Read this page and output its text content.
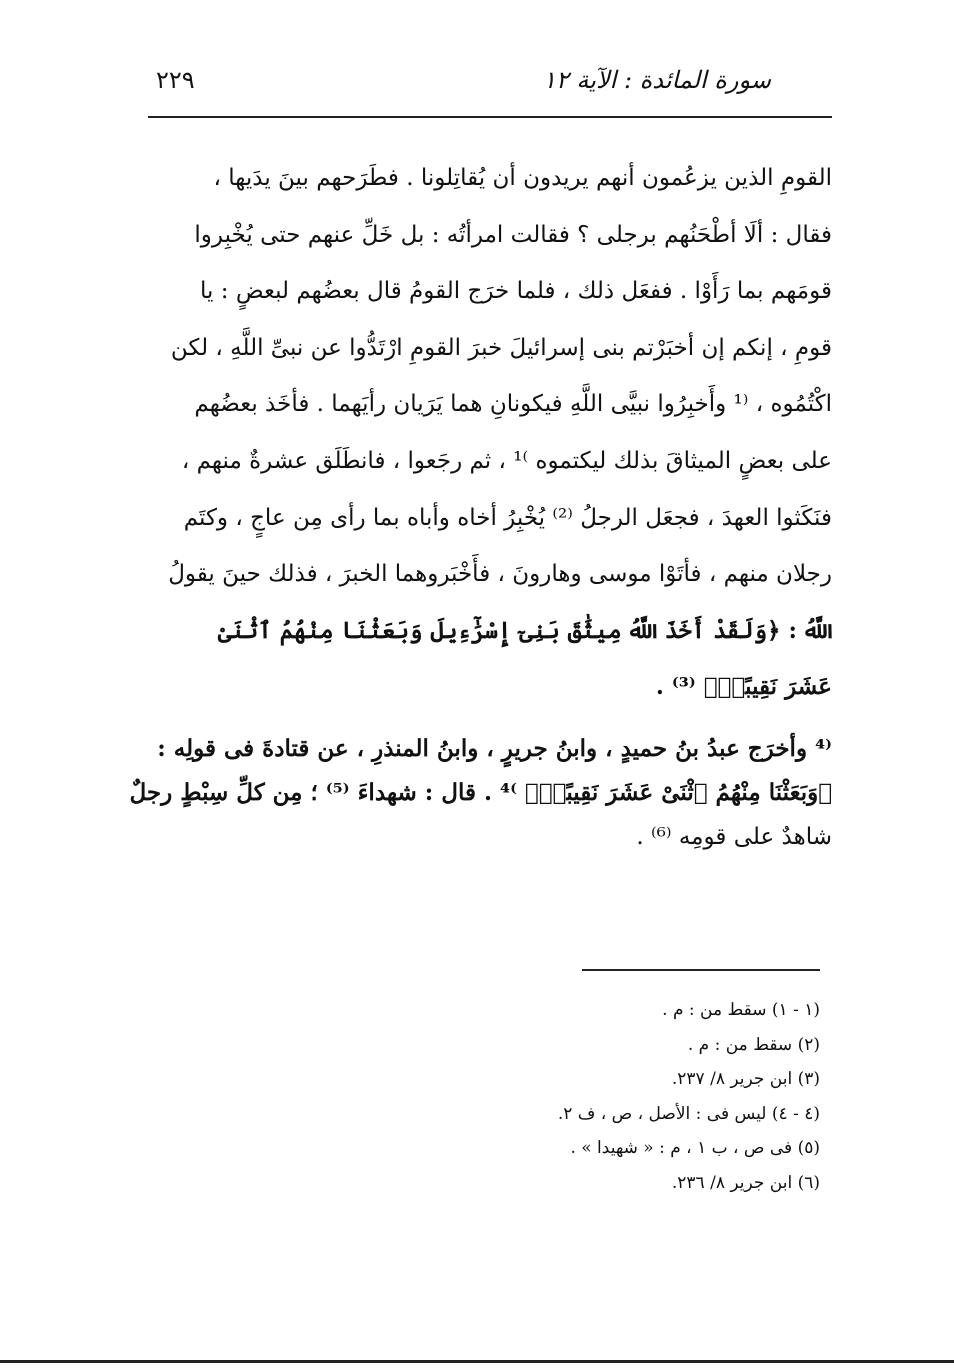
سورة المائدة : الآية ١٢
٢٢٩
القومِ الذين يزعُمون أنهم يريدون أن يُقاتِلونا . فطَرَحهم بينَ يدَيها ،
فقال : ألَا أطْحَنُهم برجلى ؟ فقالت امرأتُه : بل خَلِّ عنهم حتى يُخْبِروا
قومَهم بما رَأَوْا . ففعَل ذلك ، فلما خرَج القومُ قال بعضُهم لبعضٍ : يا
قومِ ، إنكم إن أخبَرْتم بنى إسرائيلَ خبرَ القومِ ارْتَدُّوا عن نبىِّ اللَّهِ ، لكن
اكْتُمُوه ، ⁽¹ وأَخبِرُوا نبيَّى اللَّهِ فيكونانِ هما يَرَيان رأيَهما . فأخَذ بعضُهم
على بعضٍ الميثاقَ بذلك ليكتموه ⁾¹ ، ثم رجَعوا ، فانطَلَق عشرةٌ منهم ،
فنَكَثوا العهدَ ، فجعَل الرجلُ ⁽²⁾ يُخْبِرُ أخاه وأباه بما رأى مِن عاجٍ ، وكتَم
رجلان منهم ، فأتَوْا موسى وهارونَ ، فأَخْبَروهما الخبرَ ، فذلك حينَ يقولُ
اللَّهُ : ﴿وَلَقَدْ أَخَذَ اللَّهُ مِيثَٰقَ بَنِىٓ إِسْرَٰٓءِيلَ وَبَعَثْنَا مِنْهُمُ ٱثْنَىْ
عَشَرَ نَقِيبًاۖ﴾ ⁽³⁾ .
⁽⁴ وأخرَج عبدُ بنُ حميدٍ ، وابنُ جريرٍ ، وابنُ المنذرِ ، عن قتادةَ فى قولِه :
﴿وَبَعَثْنَا مِنْهُمُ ٱثْنَىْ عَشَرَ نَقِيبًاۖ﴾ ⁾⁴ . قال : شهداءَ ⁽⁵⁾ ؛ مِن كلِّ سِبْطٍ رجلٌ
شاهدٌ على قومِه ⁽⁶⁾ .
(١ - ١) سقط من : م .
(٢) سقط من : م .
(٣) ابن جرير ٨/ ٢٣٧.
(٤ - ٤) ليس فى : الأصل ، ص ، ف ٢.
(٥) فى ص ، ب ١ ، م : « شهيدا » .
(٦) ابن جرير ٨/ ٢٣٦.
